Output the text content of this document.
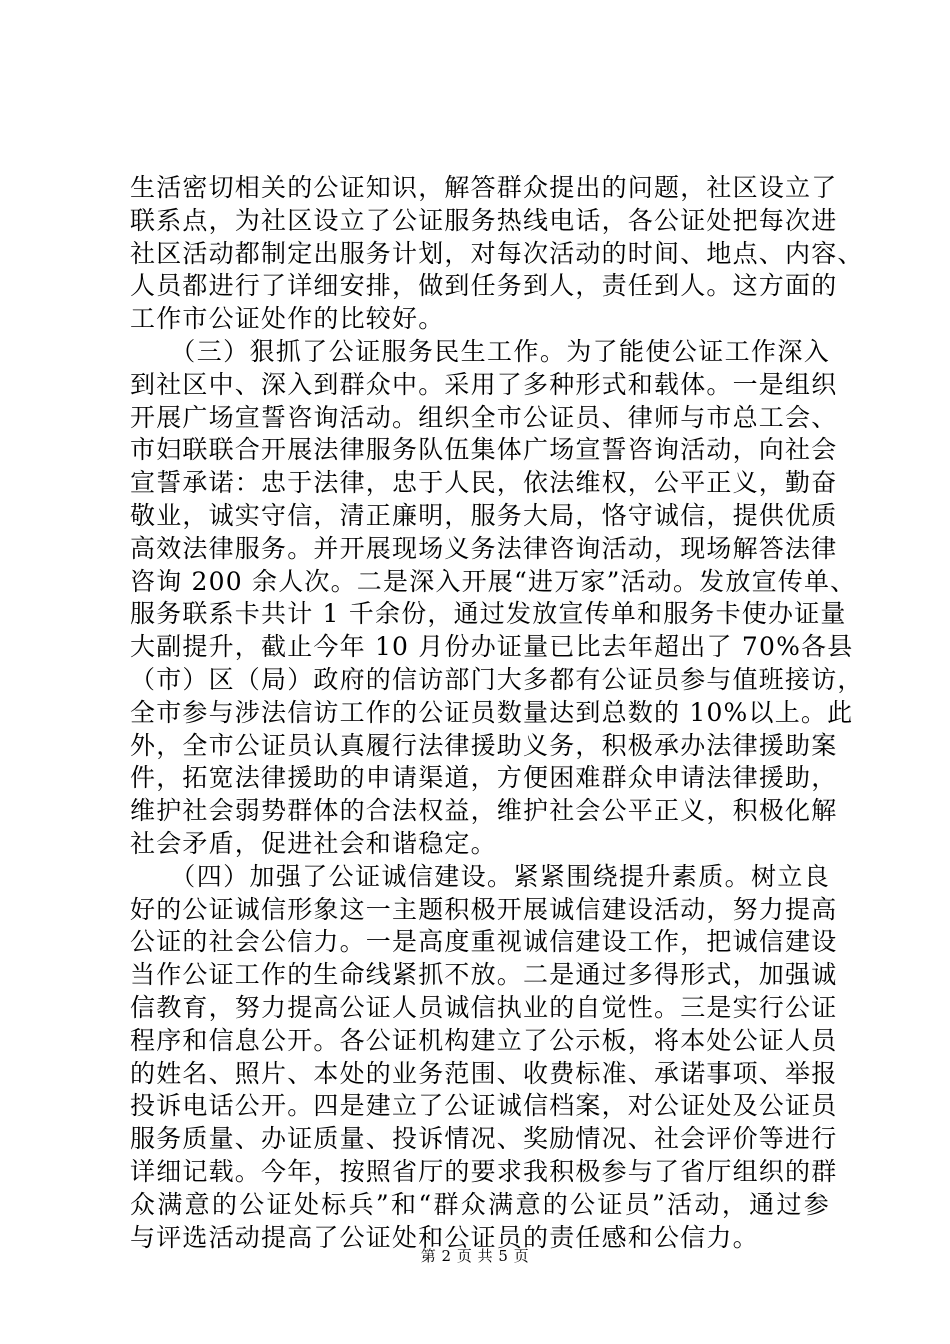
生活密切相关的公证知识，解答群众提出的问题，社区设立了
联系点，为社区设立了公证服务热线电话，各公证处把每次进
社区活动都制定出服务计划，对每次活动的时间、地点、内容、
人员都进行了详细安排，做到任务到人，责任到人。这方面的
工作市公证处作的比较好。
　　（三）狠抓了公证服务民生工作。为了能使公证工作深入
到社区中、深入到群众中。采用了多种形式和载体。一是组织
开展广场宣誓咨询活动。组织全市公证员、律师与市总工会、
市妇联联合开展法律服务队伍集体广场宣誓咨询活动，向社会
宣誓承诺：忠于法律，忠于人民，依法维权，公平正义，勤奋
敬业，诚实守信，清正廉明，服务大局，恪守诚信，提供优质
高效法律服务。并开展现场义务法律咨询活动，现场解答法律
咨询 200 余人次。二是深入开展“进万家”活动。发放宣传单、
服务联系卡共计 1 千余份，通过发放宣传单和服务卡使办证量
大副提升，截止今年 10 月份办证量已比去年超出了 70%各县
（市）区（局）政府的信访部门大多都有公证员参与值班接访，
全市参与涉法信访工作的公证员数量达到总数的 10%以上。此
外，全市公证员认真履行法律援助义务，积极承办法律援助案
件，拓宽法律援助的申请渠道，方便困难群众申请法律援助，
维护社会弱势群体的合法权益，维护社会公平正义，积极化解
社会矛盾，促进社会和谐稳定。
　　（四）加强了公证诚信建设。紧紧围绕提升素质。树立良
好的公证诚信形象这一主题积极开展诚信建设活动，努力提高
公证的社会公信力。一是高度重视诚信建设工作，把诚信建设
当作公证工作的生命线紧抓不放。二是通过多得形式，加强诚
信教育，努力提高公证人员诚信执业的自觉性。三是实行公证
程序和信息公开。各公证机构建立了公示板，将本处公证人员
的姓名、照片、本处的业务范围、收费标准、承诺事项、举报
投诉电话公开。四是建立了公证诚信档案，对公证处及公证员
服务质量、办证质量、投诉情况、奖励情况、社会评价等进行
详细记载。今年，按照省厅的要求我积极参与了省厅组织的群
众满意的公证处标兵”和“群众满意的公证员”活动，通过参
与评选活动提高了公证处和公证员的责任感和公信力。
第 2 页 共 5 页
